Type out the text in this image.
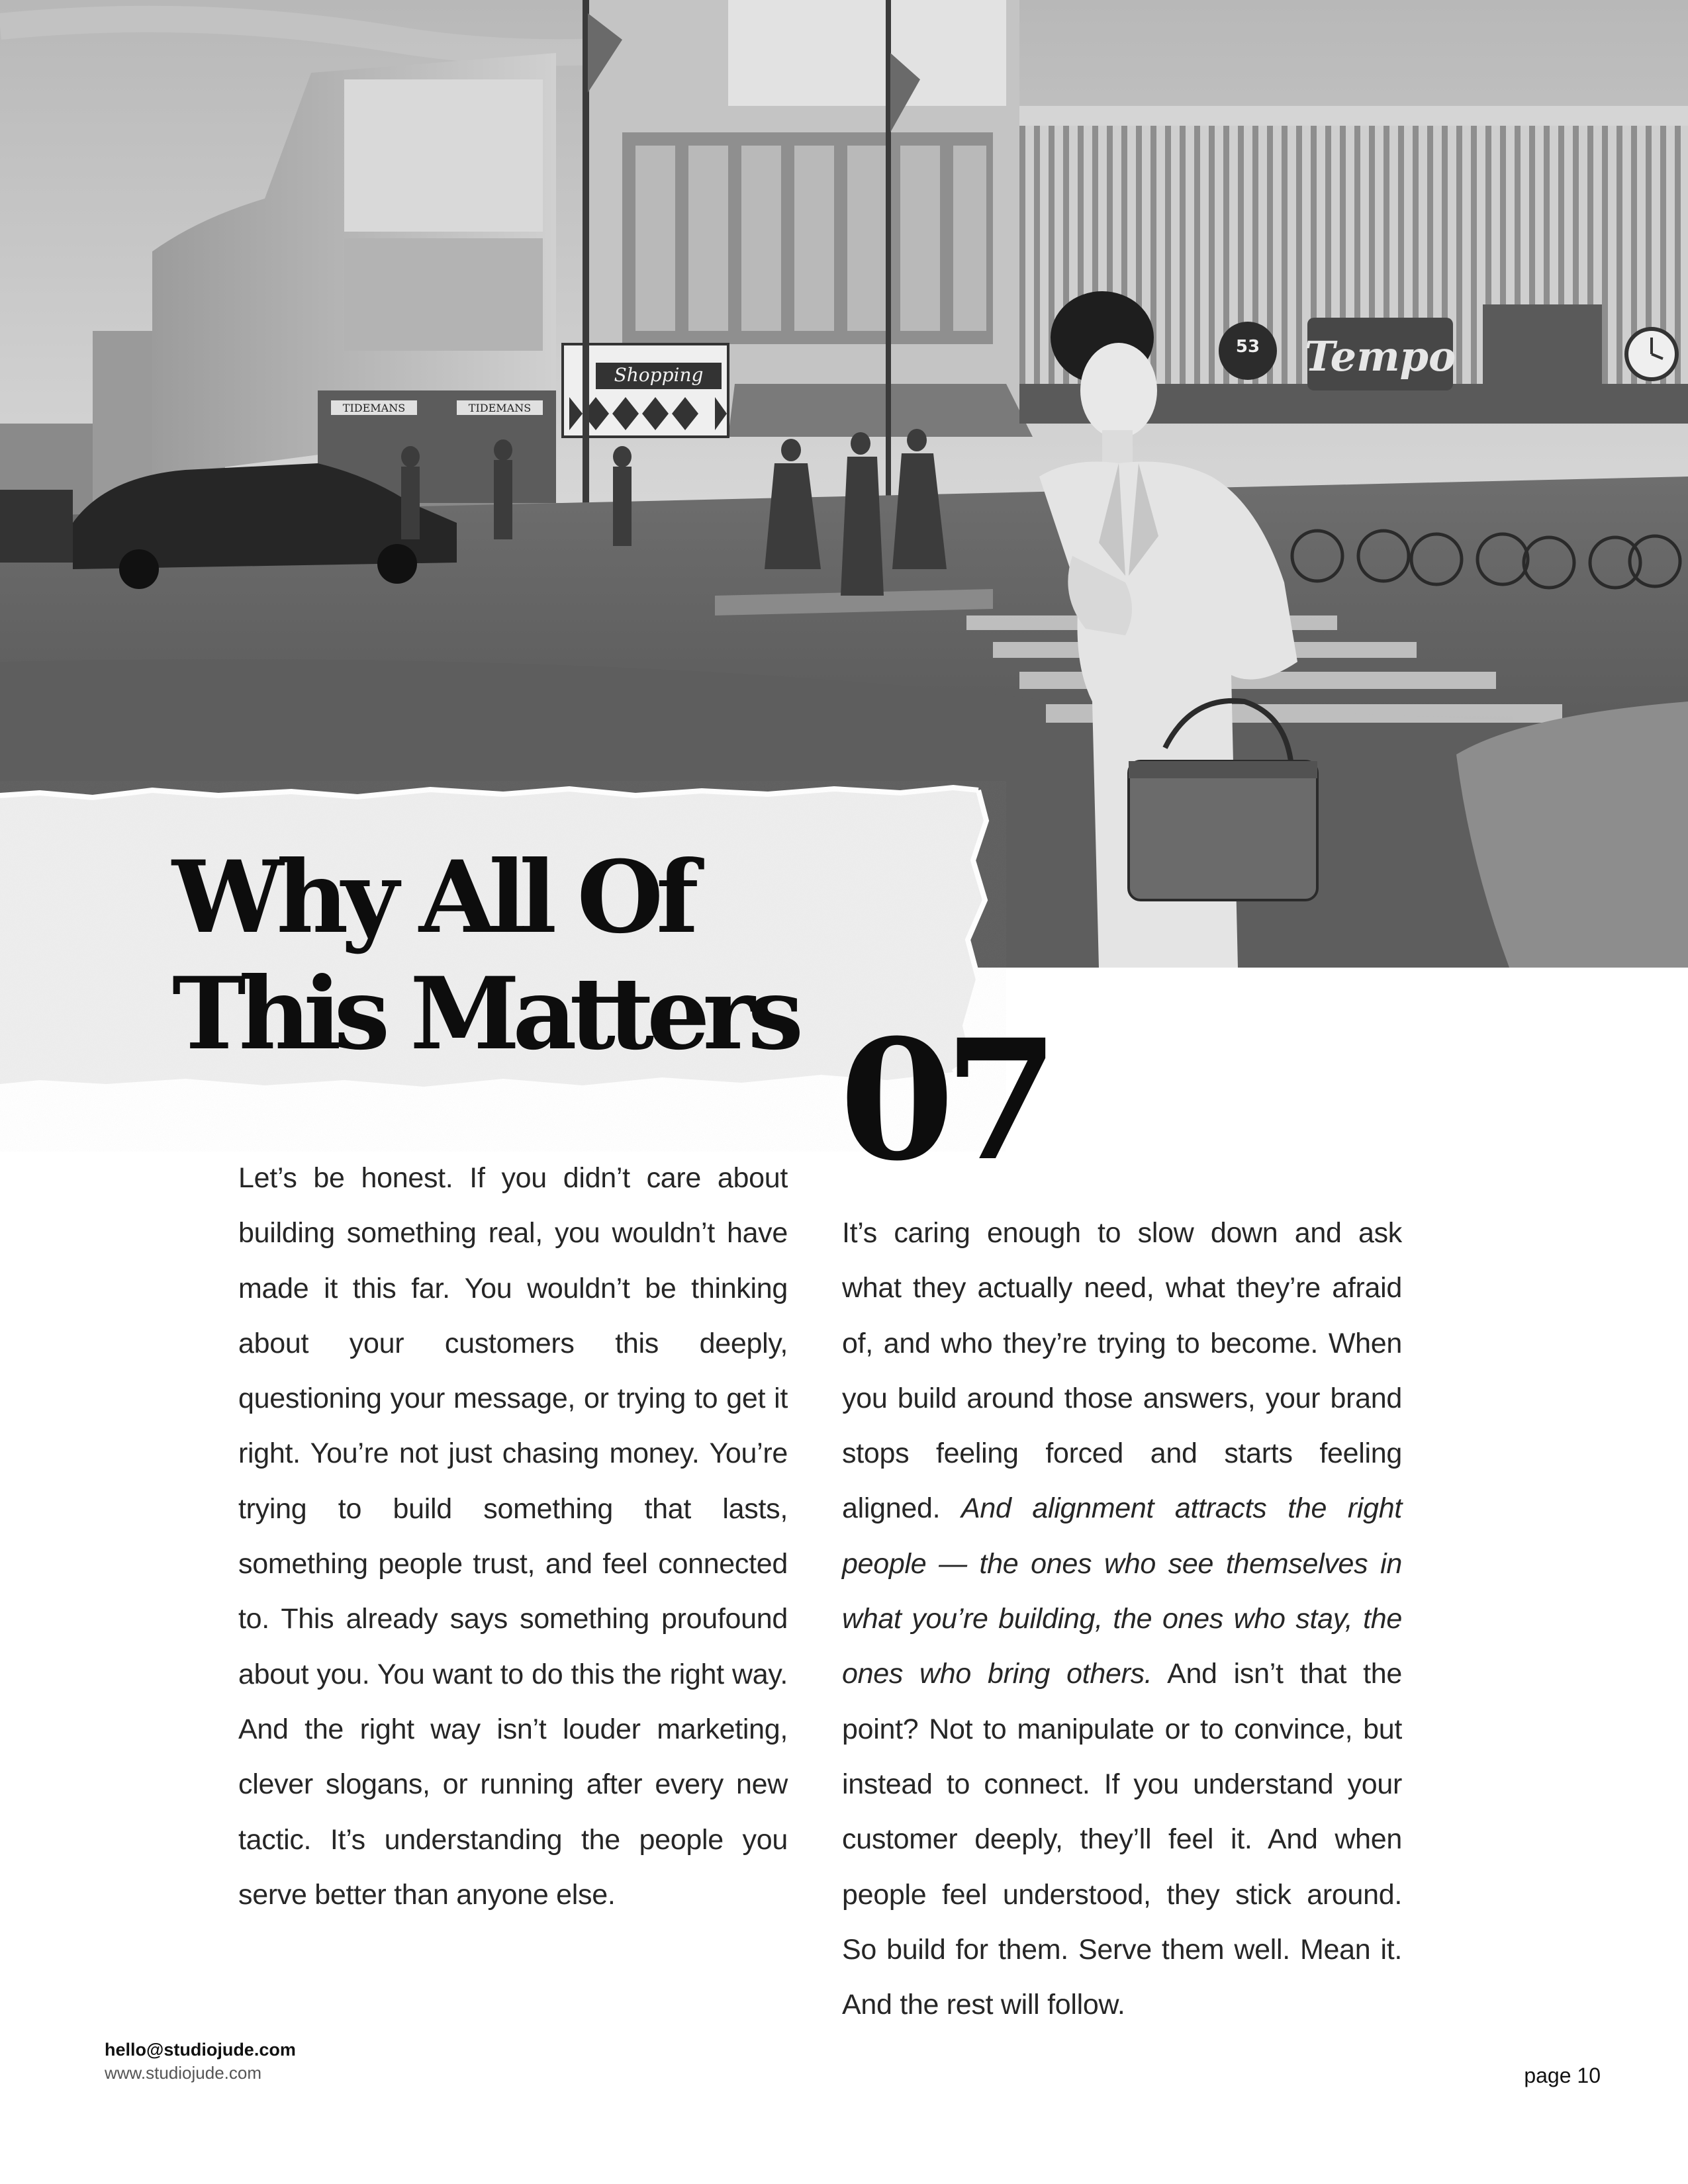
TIDEMANS	TIDEMANS
Shopping
53 Tempo
Why All Of
This Matters 07

Let’s be honest. If you didn’t care about building something real, you wouldn’t have made it this far. You wouldn’t be thinking about your customers this deeply, questioning your message, or trying to get it right. You’re not just chasing money. You’re trying to build something that lasts, something people trust, and feel connected to. This already says something proufound about you. You want to do this the right way. And the right way isn’t louder marketing, clever slogans, or running after every new tactic. It’s understanding the people you serve better than anyone else.

It’s caring enough to slow down and ask what they actually need, what they’re afraid of, and who they’re trying to become. When you build around those answers, your brand stops feeling forced and starts feeling aligned. And alignment attracts the right people — the ones who see themselves in what you’re building, the ones who stay, the ones who bring others. And isn’t that the point? Not to manipulate or to convince, but instead to connect. If you understand your customer deeply, they’ll feel it. And when people feel understood, they stick around. So build for them. Serve them well. Mean it. And the rest will follow.

hello@studiojude.com
www.studiojude.com	page 10
